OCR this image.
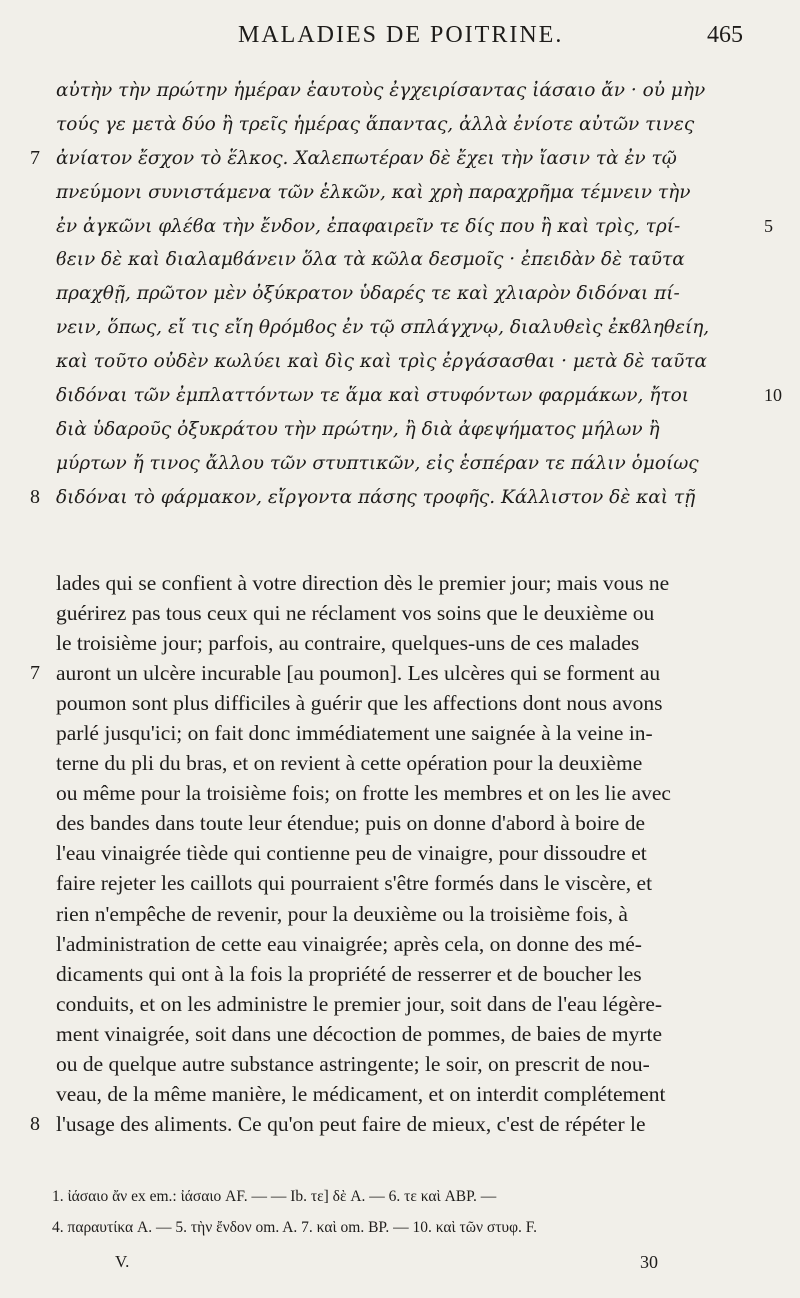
MALADIES DE POITRINE.	465
αὐτὴν τὴν πρώτην ἡμέραν ἑαυτοὺς ἐγχειρίσαντας ἰάσαιο ἄν · οὐ μὴν
τούς γε μετὰ δύο ἢ τρεῖς ἡμέρας ἅπαντας, ἀλλὰ ἐνίοτε αὐτῶν τινες
ἀνίατον ἔσχον τὸ ἕλκος. Χαλεπωτέραν δὲ ἔχει τὴν ἴασιν τὰ ἐν τῷ
7
πνεύμονι συνιστάμενα τῶν ἑλκῶν, καὶ χρὴ παραχρῆμα τέμνειν τὴν
ἐν ἀγκῶνι φλέϐα τὴν ἔνδον, ἐπαφαιρεῖν τε δίς που ἢ καὶ τρὶς, τρί-	5
ϐειν δὲ καὶ διαλαμϐάνειν ὅλα τὰ κῶλα δεσμοῖς · ἐπειδὰν δὲ ταῦτα
πραχθῇ, πρῶτον μὲν ὀξύκρατον ὑδαρές τε καὶ χλιαρὸν διδόναι πί-
νειν, ὅπως, εἴ τις εἴη θρόμϐος ἐν τῷ σπλάγχνῳ, διαλυθεὶς ἐκϐληθείη,
καὶ τοῦτο οὐδὲν κωλύει καὶ δὶς καὶ τρὶς ἐργάσασθαι · μετὰ δὲ ταῦτα
διδόναι τῶν ἐμπλαττόντων τε ἅμα καὶ στυφόντων φαρμάκων, ἤτοι	10
διὰ ὑδαροῦς ὀξυκράτου τὴν πρώτην, ἢ διὰ ἀφεψήματος μήλων ἢ
μύρτων ἤ τινος ἄλλου τῶν στυπτικῶν, εἰς ἑσπέραν τε πάλιν ὁμοίως
διδόναι τὸ φάρμακον, εἴργοντα πάσης τροφῆς. Κάλλιστον δὲ καὶ τῇ
8
lades qui se confient à votre direction dès le premier jour; mais vous ne
guérirez pas tous ceux qui ne réclament vos soins que le deuxième ou
le troisième jour; parfois, au contraire, quelques-uns de ces malades
auront un ulcère incurable [au poumon]. Les ulcères qui se forment au
7
poumon sont plus difficiles à guérir que les affections dont nous avons
parlé jusqu'ici; on fait donc immédiatement une saignée à la veine in-
terne du pli du bras, et on revient à cette opération pour la deuxième
ou même pour la troisième fois; on frotte les membres et on les lie avec
des bandes dans toute leur étendue; puis on donne d'abord à boire de
l'eau vinaigrée tiède qui contienne peu de vinaigre, pour dissoudre et
faire rejeter les caillots qui pourraient s'être formés dans le viscère, et
rien n'empêche de revenir, pour la deuxième ou la troisième fois, à
l'administration de cette eau vinaigrée; après cela, on donne des mé-
dicaments qui ont à la fois la propriété de resserrer et de boucher les
conduits, et on les administre le premier jour, soit dans de l'eau légère-
ment vinaigrée, soit dans une décoction de pommes, de baies de myrte
ou de quelque autre substance astringente; le soir, on prescrit de nou-
veau, de la même manière, le médicament, et on interdit complétement
l'usage des aliments. Ce qu'on peut faire de mieux, c'est de répéter le
8
1. ἰάσαιο ἄν ex em.: ἰάσαιο AF. — — Ib. τε] δὲ A. — 6. τε καὶ ABP. —
4. παραυτίκα A. — 5. τὴν ἔνδον om. A. 7. καὶ om. BP. — 10. καὶ τῶν στυφ. F.
V.	30
